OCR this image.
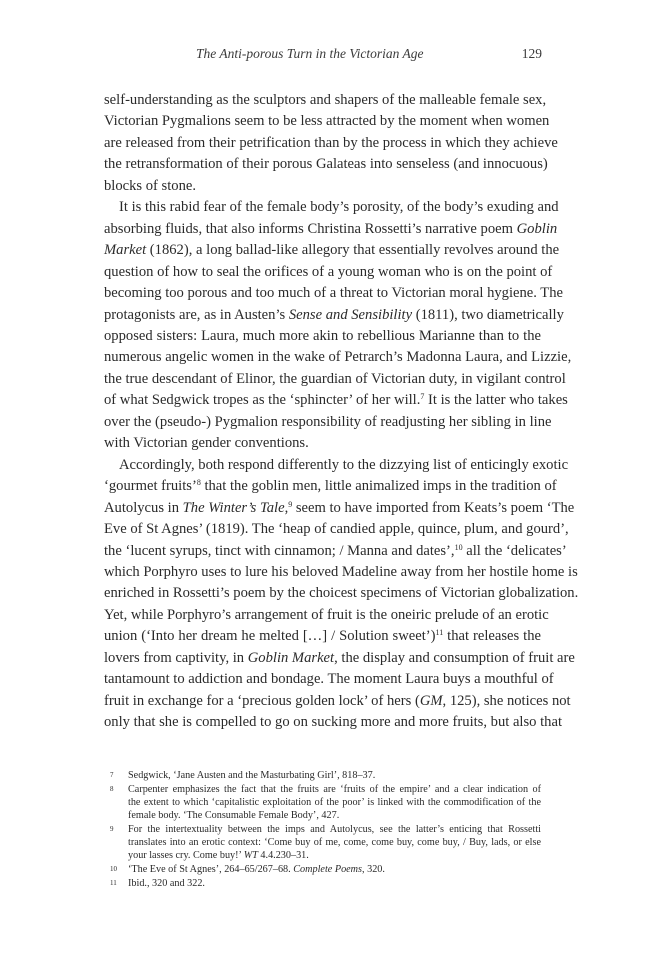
The Anti-porous Turn in the Victorian Age	129

self-understanding as the sculptors and shapers of the malleable female sex,
Victorian Pygmalions seem to be less attracted by the moment when women
are released from their petrification than by the process in which they achieve
the retransformation of their porous Galateas into senseless (and innocuous)
blocks of stone.

It is this rabid fear of the female body’s porosity, of the body’s exuding and
absorbing fluids, that also informs Christina Rossetti’s narrative poem Goblin
Market (1862), a long ballad-like allegory that essentially revolves around the
question of how to seal the orifices of a young woman who is on the point of
becoming too porous and too much of a threat to Victorian moral hygiene. The
protagonists are, as in Austen’s Sense and Sensibility (1811), two diametrically
opposed sisters: Laura, much more akin to rebellious Marianne than to the
numerous angelic women in the wake of Petrarch’s Madonna Laura, and Lizzie,
the true descendant of Elinor, the guardian of Victorian duty, in vigilant control
of what Sedgwick tropes as the ‘sphincter’ of her will.$^7$ It is the latter who takes
over the (pseudo-) Pygmalion responsibility of readjusting her sibling in line
with Victorian gender conventions.

Accordingly, both respond differently to the dizzying list of enticingly exotic
‘gourmet fruits’$^8$ that the goblin men, little animalized imps in the tradition of
Autolycus in The Winter’s Tale,$^9$ seem to have imported from Keats’s poem ‘The
Eve of St Agnes’ (1819). The ‘heap of candied apple, quince, plum, and gourd’,
the ‘lucent syrups, tinct with cinnamon; / Manna and dates’,$^{10}$ all the ‘delicates’
which Porphyro uses to lure his beloved Madeline away from her hostile home is
enriched in Rossetti’s poem by the choicest specimens of Victorian globalization.
Yet, while Porphyro’s arrangement of fruit is the oneiric prelude of an erotic
union (‘Into her dream he melted […] / Solution sweet’)$^{11}$ that releases the
lovers from captivity, in Goblin Market, the display and consumption of fruit are
tantamount to addiction and bondage. The moment Laura buys a mouthful of
fruit in exchange for a ‘precious golden lock’ of hers (GM, 125), she notices not
only that she is compelled to go on sucking more and more fruits, but also that

7 Sedgwick, ‘Jane Austen and the Masturbating Girl’, 818–37.
8 Carpenter emphasizes the fact that the fruits are ‘fruits of the empire’ and a clear indication of
the extent to which ‘capitalistic exploitation of the poor’ is linked with the commodification of the
female body. ‘The Consumable Female Body’, 427.
9 For the intertextuality between the imps and Autolycus, see the latter’s enticing that Rossetti
translates into an erotic context: ‘Come buy of me, come, come buy, come buy, / Buy, lads, or else
your lasses cry. Come buy!’ WT 4.4.230–31.
10 ‘The Eve of St Agnes’, 264–65/267–68. Complete Poems, 320.
11 Ibid., 320 and 322.
